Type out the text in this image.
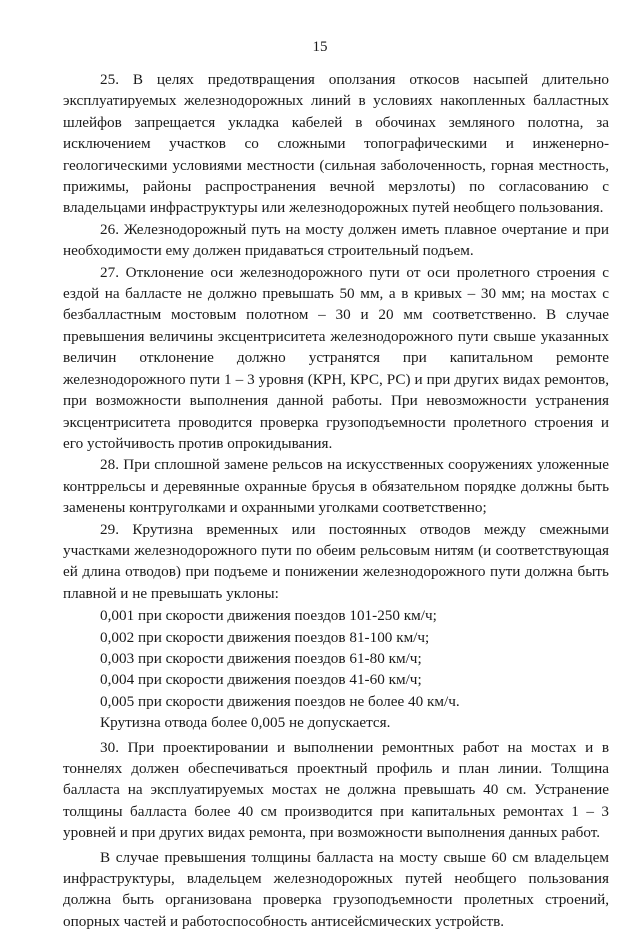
15

25. В целях предотвращения оползания откосов насыпей длительно эксплуатируемых железнодорожных линий в условиях накопленных балластных шлейфов запрещается укладка кабелей в обочинах земляного полотна, за исключением участков со сложными топографическими и инженерно-геологическими условиями местности (сильная заболоченность, горная местность, прижимы, районы распространения вечной мерзлоты) по согласованию с владельцами инфраструктуры или железнодорожных путей необщего пользования.

26. Железнодорожный путь на мосту должен иметь плавное очертание и при необходимости ему должен придаваться строительный подъем.

27. Отклонение оси железнодорожного пути от оси пролетного строения с ездой на балласте не должно превышать 50 мм, а в кривых – 30 мм; на мостах с безбалластным мостовым полотном – 30 и 20 мм соответственно. В случае превышения величины эксцентриситета железнодорожного пути свыше указанных величин отклонение должно устранятся при капитальном ремонте железнодорожного пути 1 – 3 уровня (КРН, КРС, РС) и при других видах ремонтов, при возможности выполнения данной работы. При невозможности устранения эксцентриситета проводится проверка грузоподъемности пролетного строения и его устойчивость против опрокидывания.

28. При сплошной замене рельсов на искусственных сооружениях уложенные контррельсы и деревянные охранные брусья в обязательном порядке должны быть заменены контруголками и охранными уголками соответственно;

29. Крутизна временных или постоянных отводов между смежными участками железнодорожного пути по обеим рельсовым нитям (и соответствующая ей длина отводов) при подъеме и понижении железнодорожного пути должна быть плавной и не превышать уклоны:

0,001 при скорости движения поездов 101-250 км/ч;

0,002 при скорости движения поездов 81-100 км/ч;

0,003 при скорости движения поездов 61-80 км/ч;

0,004 при скорости движения поездов 41-60 км/ч;

0,005 при скорости движения поездов не более 40 км/ч.

Крутизна отвода более 0,005 не допускается.

30. При проектировании и выполнении ремонтных работ на мостах и в тоннелях должен обеспечиваться проектный профиль и план линии. Толщина балласта на эксплуатируемых мостах не должна превышать 40 см. Устранение толщины балласта более 40 см производится при капитальных ремонтах 1 – 3 уровней и при других видах ремонта, при возможности выполнения данных работ.

В случае превышения толщины балласта на мосту свыше 60 см владельцем инфраструктуры, владельцем железнодорожных путей необщего пользования должна быть организована проверка грузоподъемности пролетных строений, опорных частей и работоспособность антисейсмических устройств.
